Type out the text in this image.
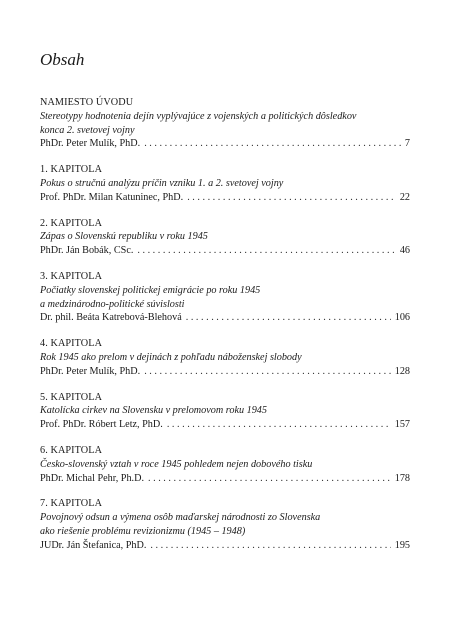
Obsah
NAMIESTO ÚVODU
Stereotypy hodnotenia dejín vyplývajúce z vojenských a politických dôsledkov
konca 2. svetovej vojny
PhDr. Peter Mulík, PhD. . . .	7
1. KAPITOLA
Pokus o stručnú analýzu príčin vzniku 1. a 2. svetovej vojny
Prof. PhDr. Milan Katuninec, PhD. . . .	22
2. KAPITOLA
Zápas o Slovenskú republiku v roku 1945
PhDr. Ján Bobák, CSc. . . .	46
3. KAPITOLA
Počiatky slovenskej politickej emigrácie po roku 1945
a medzinárodno-politické súvislosti
Dr. phil. Beáta Katrebová-Blehová . . .	106
4. KAPITOLA
Rok 1945 ako prelom v dejinách z pohľadu náboženskej slobody
PhDr. Peter Mulík, PhD. . . .	128
5. KAPITOLA
Katolícka cirkev na Slovensku v prelomovom roku 1945
Prof. PhDr. Róbert Letz, PhD. . . .	157
6. KAPITOLA
Česko-slovenský vztah v roce 1945 pohledem nejen dobového tisku
PhDr. Michal Pehr, Ph.D. . . .	178
7. KAPITOLA
Povojnový odsun a výmena osôb maďarskej národnosti zo Slovenska
ako riešenie problému revizionizmu (1945 – 1948)
JUDr. Ján Štefanica, PhD. . . .	195
